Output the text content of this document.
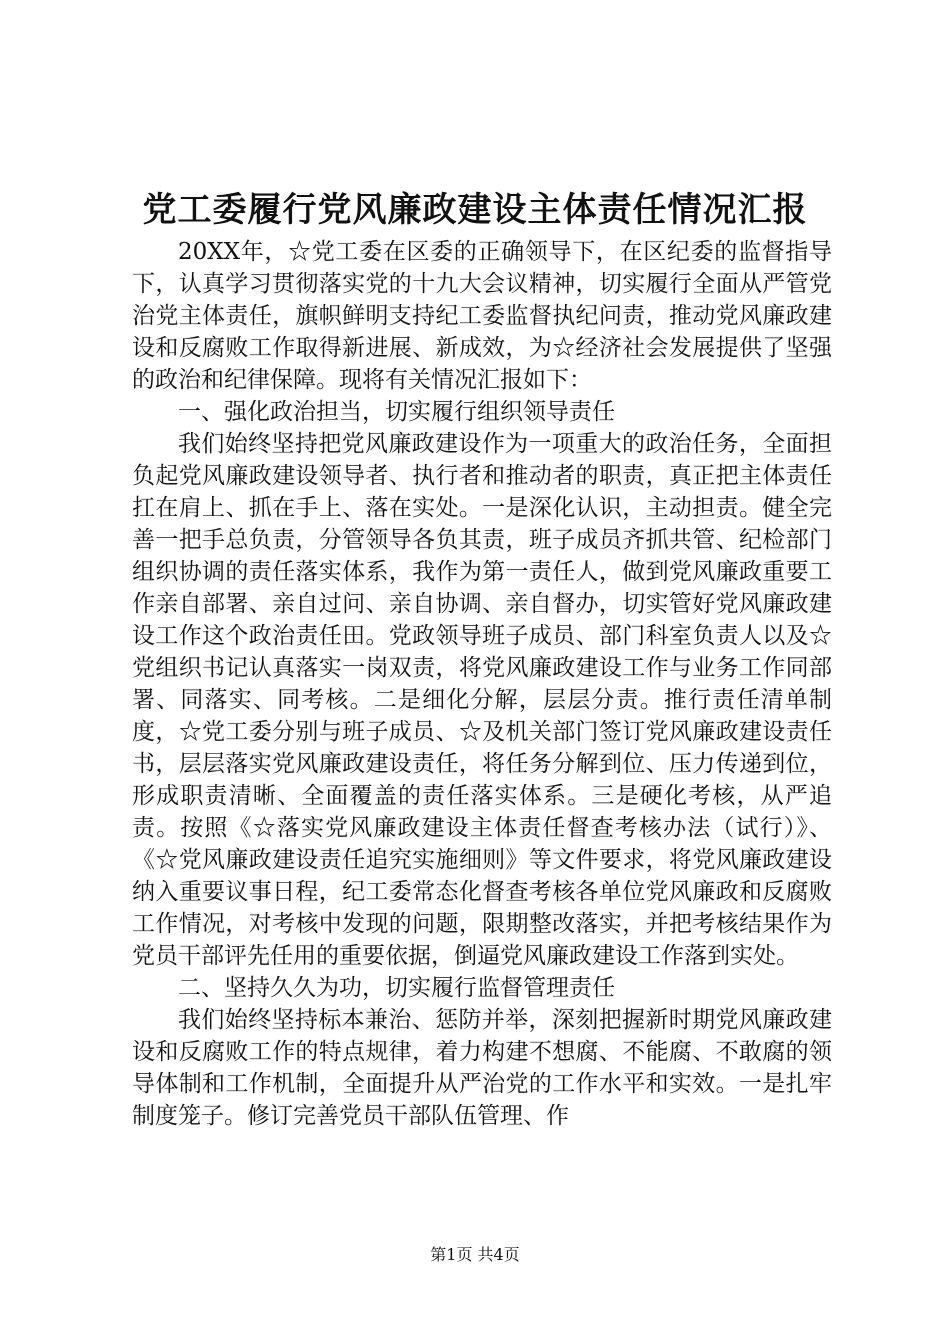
党工委履行党风廉政建设主体责任情况汇报

20XX年，☆党工委在区委的正确领导下，在区纪委的监督指导下，认真学习贯彻落实党的十九大会议精神，切实履行全面从严管党治党主体责任，旗帜鲜明支持纪工委监督执纪问责，推动党风廉政建设和反腐败工作取得新进展、新成效，为☆经济社会发展提供了坚强的政治和纪律保障。现将有关情况汇报如下：

一、强化政治担当，切实履行组织领导责任

我们始终坚持把党风廉政建设作为一项重大的政治任务，全面担负起党风廉政建设领导者、执行者和推动者的职责，真正把主体责任扛在肩上、抓在手上、落在实处。一是深化认识，主动担责。健全完善一把手总负责，分管领导各负其责，班子成员齐抓共管、纪检部门组织协调的责任落实体系，我作为第一责任人，做到党风廉政重要工作亲自部署、亲自过问、亲自协调、亲自督办，切实管好党风廉政建设工作这个政治责任田。党政领导班子成员、部门科室负责人以及☆党组织书记认真落实一岗双责，将党风廉政建设工作与业务工作同部署、同落实、同考核。二是细化分解，层层分责。推行责任清单制度，☆党工委分别与班子成员、☆及机关部门签订党风廉政建设责任书，层层落实党风廉政建设责任，将任务分解到位、压力传递到位，形成职责清晰、全面覆盖的责任落实体系。三是硬化考核，从严追责。按照《☆落实党风廉政建设主体责任督查考核办法（试行）》、《☆党风廉政建设责任追究实施细则》等文件要求，将党风廉政建设纳入重要议事日程，纪工委常态化督查考核各单位党风廉政和反腐败工作情况，对考核中发现的问题，限期整改落实，并把考核结果作为党员干部评先任用的重要依据，倒逼党风廉政建设工作落到实处。

二、坚持久久为功，切实履行监督管理责任

我们始终坚持标本兼治、惩防并举，深刻把握新时期党风廉政建设和反腐败工作的特点规律，着力构建不想腐、不能腐、不敢腐的领导体制和工作机制，全面提升从严治党的工作水平和实效。一是扎牢制度笼子。修订完善党员干部队伍管理、作

第1页 共4页
